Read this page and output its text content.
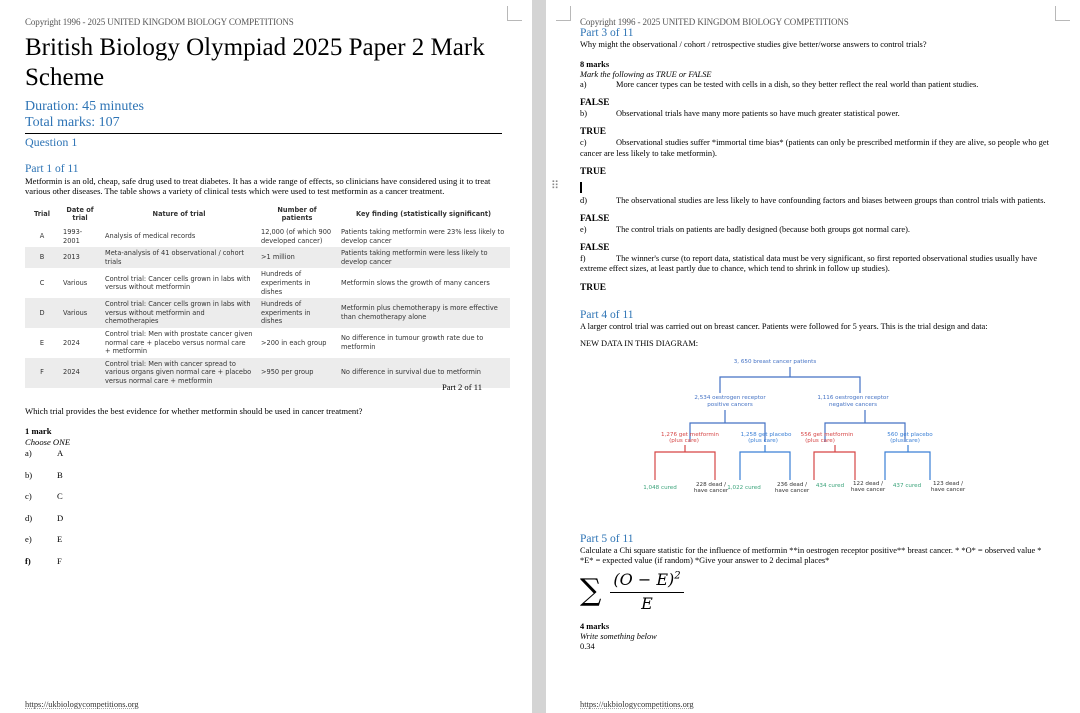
Copyright 1996 - 2025 UNITED KINGDOM BIOLOGY COMPETITIONS
British Biology Olympiad 2025 Paper 2 Mark Scheme
Duration: 45 minutes
Total marks: 107
Question 1
Part 1 of 11
Metformin is an old, cheap, safe drug used to treat diabetes. It has a wide range of effects, so clinicians have considered using it to treat various other diseases. The table shows a variety of clinical tests which were used to test metformin as a cancer treatment.
Trial	Date of trial	Nature of trial	Number of patients	Key finding (statistically significant)
A	1993-2001	Analysis of medical records	12,000 (of which 900 developed cancer)	Patients taking metformin were 23% less likely to develop cancer
B	2013	Meta-analysis of 41 observational / cohort trials	>1 million	Patients taking metformin were less likely to develop cancer
C	Various	Control trial: Cancer cells grown in labs with versus without metformin	Hundreds of experiments in dishes	Metformin slows the growth of many cancers
D	Various	Control trial: Cancer cells grown in labs with versus without metformin and chemotherapies	Hundreds of experiments in dishes	Metformin plus chemotherapy is more effective than chemotherapy alone
E	2024	Control trial: Men with prostate cancer given normal care + placebo versus normal care + metformin	>200 in each group	No difference in tumour growth rate due to metformin
F	2024	Control trial: Men with cancer spread to various organs given normal care + placebo versus normal care + metformin	>950 per group	No difference in survival due to metformin
Part 2 of 11
Which trial provides the best evidence for whether metformin should be used in cancer treatment?
1 mark
Choose ONE
a)	A
b)	B
c)	C
d)	D
e)	E
f)	F
https://ukbiologycompetitions.org
Copyright 1996 - 2025 UNITED KINGDOM BIOLOGY COMPETITIONS
Part 3 of 11
Why might the observational / cohort / retrospective studies give better/worse answers to control trials?
8 marks
Mark the following as TRUE or FALSE
a)	More cancer types can be tested with cells in a dish, so they better reflect the real world than patient studies.
FALSE
b)	Observational trials have many more patients so have much greater statistical power.
TRUE
c)	Observational studies suffer *immortal time bias* (patients can only be prescribed metformin if they are alive, so people who get cancer are less likely to take metformin).
TRUE
d)	The observational studies are less likely to have confounding factors and biases between groups than control trials with patients.
FALSE
e)	The control trials on patients are badly designed (because both groups got normal care).
FALSE
f)	The winner's curse (to report data, statistical data must be very significant, so first reported observational studies usually have extreme effect sizes, at least partly due to chance, which tend to shrink in follow up studies).
TRUE
Part 4 of 11
A larger control trial was carried out on breast cancer. Patients were followed for 5 years. This is the trial design and data:
NEW DATA IN THIS DIAGRAM:
3, 650 breast cancer patients
2,534 oestrogen receptor
positive cancers
1,116 oestrogen receptor
negative cancers
1,276 get metformin
(plus care)
1,258 get placebo
(plus care)
556 get metformin
(plus care)
560 get placebo
(plus care)
1,048 cured	228 dead /
have cancer 1,022 cured	236 dead /
have cancer
434 cured 122 dead /
have cancer
437 cured 123 dead /
have cancer
Part 5 of 11
Calculate a Chi square statistic for the influence of metformin **in oestrogen receptor positive** breast cancer. * *O* = observed value * *E* = expected value (if random) *Give your answer to 2 decimal places*
∑ $(O - E)^2$
E
4 marks
Write something below
0.34
https://ukbiologycompetitions.org
⠿
